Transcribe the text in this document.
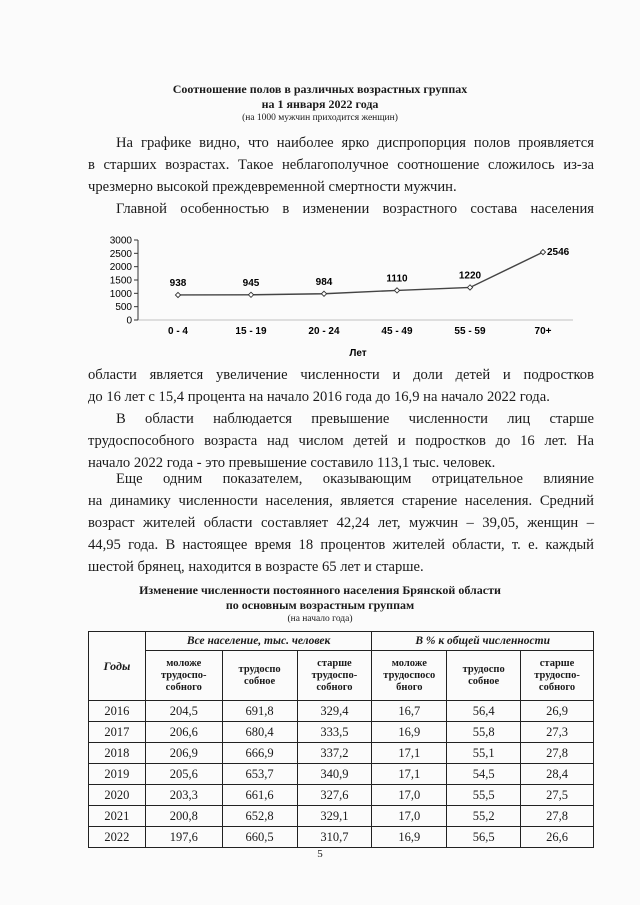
Соотношение полов в различных возрастных группах
на 1 января 2022 года
(на 1000 мужчин приходится женщин)
На графике видно, что наиболее ярко диспропорция полов проявляется
в старших возрастах. Такое неблагополучное соотношение сложилось из-за
чрезмерно высокой преждевременной смертности мужчин.
Главной особенностью в изменении возрастного состава населения
3000
2500
2000
1500
1000
500
0
0 - 4	15 - 19	20 - 24	45 - 49	55 - 59	70+
938	945	984	1110	1220
2546
Лет
области является увеличение численности и доли детей и подростков
до 16 лет с 15,4 процента на начало 2016 года до 16,9 на начало 2022 года.
В области наблюдается превышение численности лиц старше
трудоспособного возраста над числом детей и подростков до 16 лет. На
начало 2022 года - это превышение составило 113,1 тыс. человек.
Еще одним показателем, оказывающим отрицательное влияние
на динамику численности населения, является старение населения. Средний
возраст жителей области составляет 42,24 лет, мужчин – 39,05, женщин –
44,95 года. В настоящее время 18 процентов жителей области, т. е. каждый
шестой брянец, находится в возрасте 65 лет и старше.
Изменение численности постоянного населения Брянской области
по основным возрастным группам
(на начало года)
Годы	Все население, тыс. человек			В % к общей численности		
	моложе трудоспо-собного	трудоспо собное	старше трудоспо-собного	моложе трудоспосо бного	трудоспо собное	старше трудоспо-собного
2016	204,5	691,8	329,4	16,7	56,4	26,9
2017	206,6	680,4	333,5	16,9	55,8	27,3
2018	206,9	666,9	337,2	17,1	55,1	27,8
2019	205,6	653,7	340,9	17,1	54,5	28,4
2020	203,3	661,6	327,6	17,0	55,5	27,5
2021	200,8	652,8	329,1	17,0	55,2	27,8
2022	197,6	660,5	310,7	16,9	56,5	26,6
5
